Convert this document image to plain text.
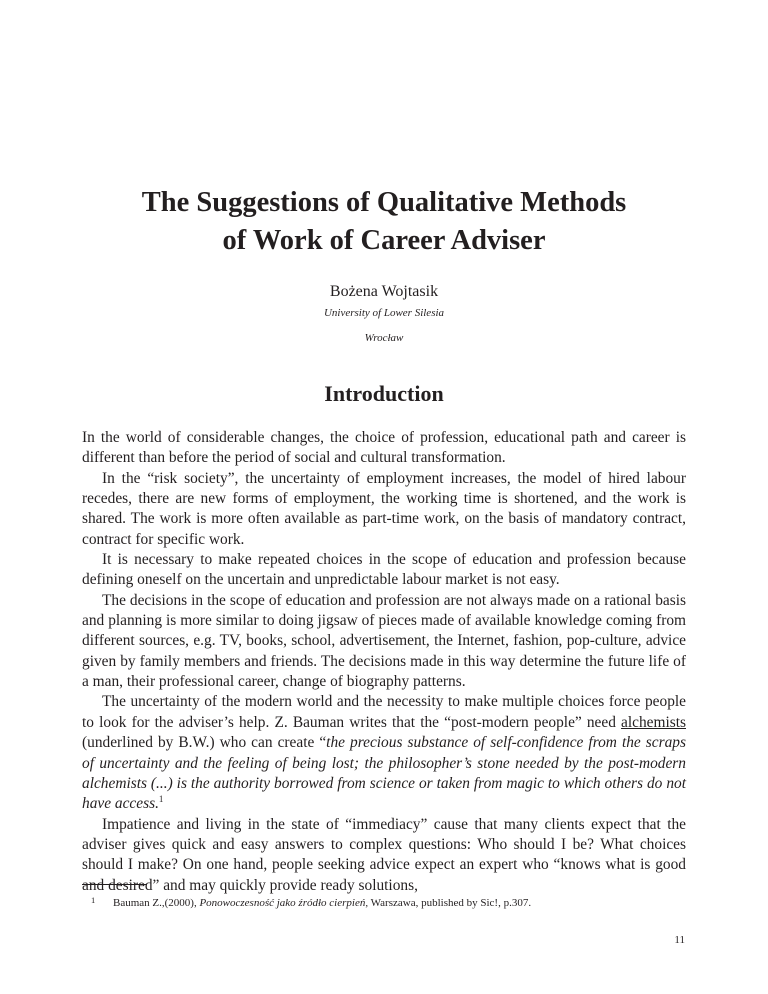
The Suggestions of Qualitative Methods
of Work of Career Adviser
Bożena Wojtasik
University of Lower Silesia
Wrocław
Introduction

In the world of considerable changes, the choice of profession, educational path and career is different than before the period of social and cultural transformation.

In the “risk society”, the uncertainty of employment increases, the model of hired labour recedes, there are new forms of employment, the working time is shortened, and the work is shared. The work is more often available as part-time work, on the basis of mandatory contract, contract for specific work.

It is necessary to make repeated choices in the scope of education and profession because defining oneself on the uncertain and unpredictable labour market is not easy.

The decisions in the scope of education and profession are not always made on a rational basis and planning is more similar to doing jigsaw of pieces made of available knowledge coming from different sources, e.g. TV, books, school, advertisement, the Internet, fashion, pop-culture, advice given by family members and friends. The decisions made in this way determine the future life of a man, their professional career, change of biography patterns.

The uncertainty of the modern world and the necessity to make multiple choices force people to look for the adviser’s help. Z. Bauman writes that the “post-modern people” need alchemists (underlined by B.W.) who can create “the precious substance of self-confidence from the scraps of uncertainty and the feeling of being lost; the philosopher’s stone needed by the post-modern alchemists (...) is the authority borrowed from science or taken from magic to which others do not have access.$^1$

Impatience and living in the state of “immediacy” cause that many clients expect that the adviser gives quick and easy answers to complex questions: Who should I be? What choices should I make? On one hand, people seeking advice expect an expert who “knows what is good and desired” and may quickly provide ready solutions,

1 Bauman Z.,(2000), Ponowoczesność jako źródło cierpień, Warszawa, published by Sic!, p.307.
11
